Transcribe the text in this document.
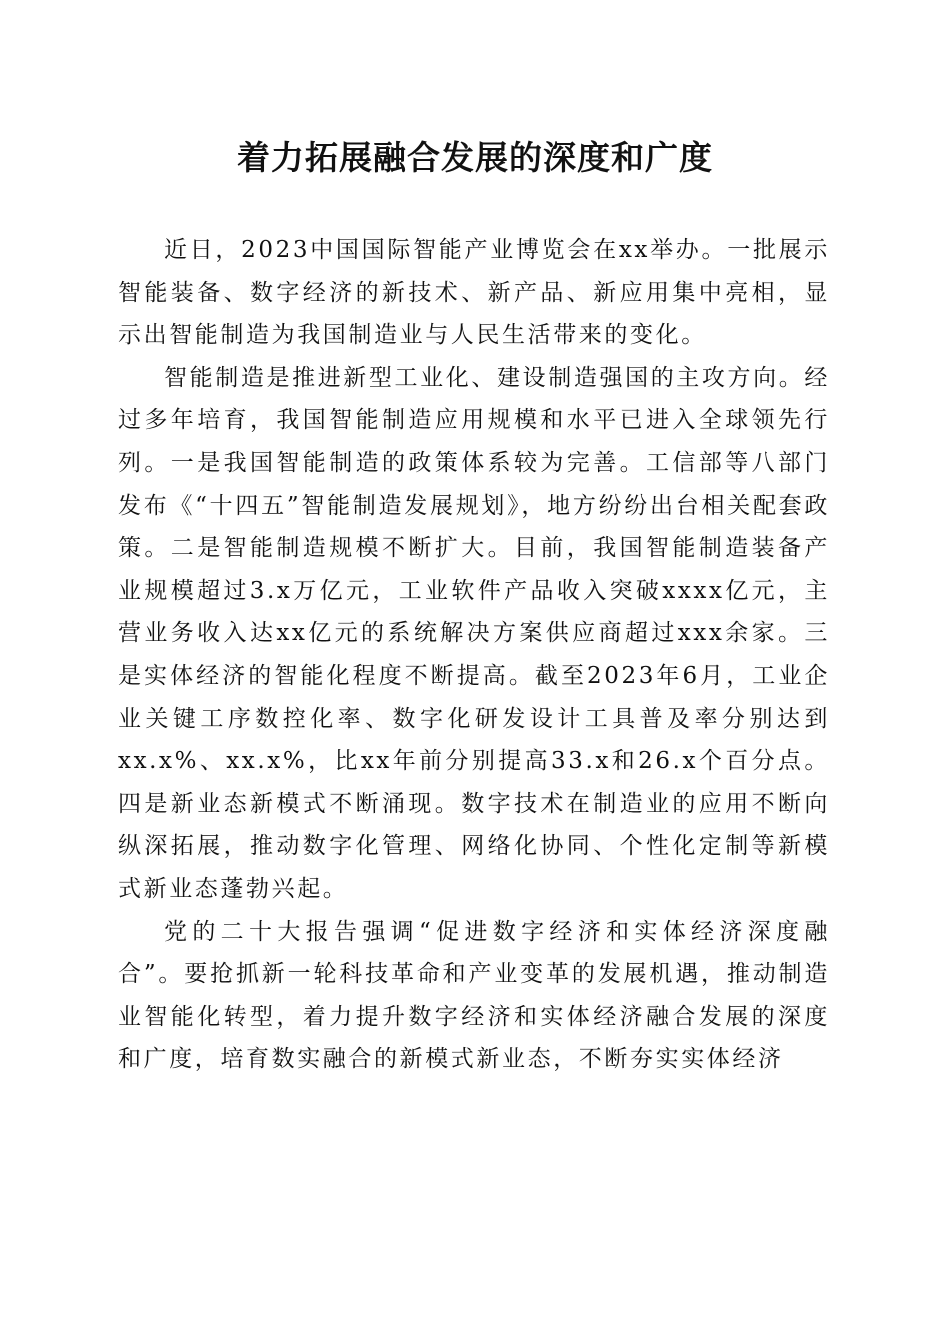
着力拓展融合发展的深度和广度

近日，2023中国国际智能产业博览会在xx举办。一批展示智能装备、数字经济的新技术、新产品、新应用集中亮相，显示出智能制造为我国制造业与人民生活带来的变化。

智能制造是推进新型工业化、建设制造强国的主攻方向。经过多年培育，我国智能制造应用规模和水平已进入全球领先行列。一是我国智能制造的政策体系较为完善。工信部等八部门发布《“十四五”智能制造发展规划》，地方纷纷出台相关配套政策。二是智能制造规模不断扩大。目前，我国智能制造装备产业规模超过3.x万亿元，工业软件产品收入突破xxxx亿元，主营业务收入达xx亿元的系统解决方案供应商超过xxx余家。三是实体经济的智能化程度不断提高。截至2023年6月，工业企业关键工序数控化率、数字化研发设计工具普及率分别达到xx.x%、xx.x%，比xx年前分别提高33.x和26.x个百分点。四是新业态新模式不断涌现。数字技术在制造业的应用不断向纵深拓展，推动数字化管理、网络化协同、个性化定制等新模式新业态蓬勃兴起。

党的二十大报告强调“促进数字经济和实体经济深度融合”。要抢抓新一轮科技革命和产业变革的发展机遇，推动制造业智能化转型，着力提升数字经济和实体经济融合发展的深度和广度，培育数实融合的新模式新业态，不断夯实实体经济
